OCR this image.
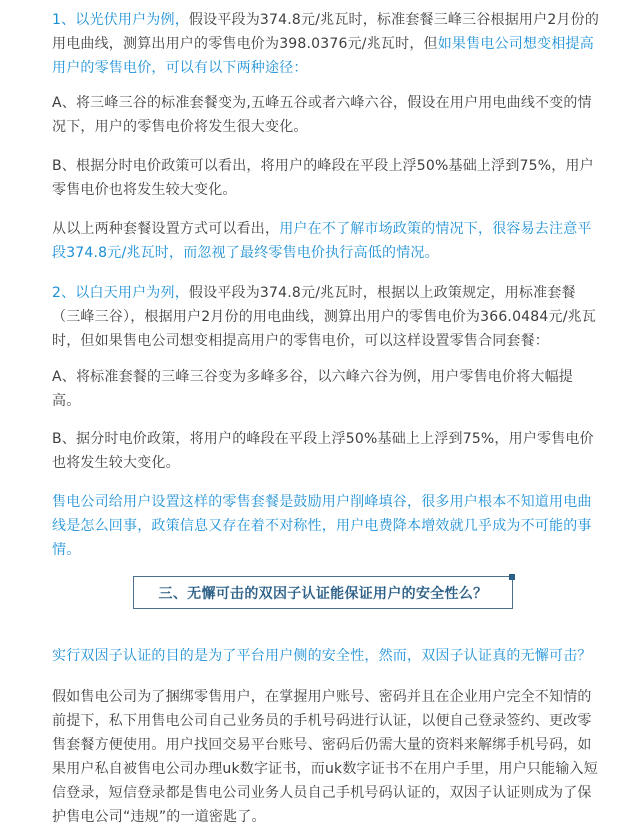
1、以光伏用户为例，假设平段为374.8元/兆瓦时，标准套餐三峰三谷根据用户2月份的用电曲线，测算出用户的零售电价为398.0376元/兆瓦时，但如果售电公司想变相提高用户的零售电价，可以有以下两种途径：

A、将三峰三谷的标准套餐变为,五峰五谷或者六峰六谷，假设在用户用电曲线不变的情况下，用户的零售电价将发生很大变化。

B、根据分时电价政策可以看出，将用户的峰段在平段上浮50%基础上浮到75%，用户零售电价也将发生较大变化。

从以上两种套餐设置方式可以看出，用户在不了解市场政策的情况下，很容易去注意平段374.8元/兆瓦时，而忽视了最终零售电价执行高低的情况。

2、以白天用户为列，假设平段为374.8元/兆瓦时，根据以上政策规定，用标准套餐（三峰三谷），根据用户2月份的用电曲线，测算出用户的零售电价为366.0484元/兆瓦时，但如果售电公司想变相提高用户的零售电价，可以这样设置零售合同套餐：

A、将标准套餐的三峰三谷变为多峰多谷，以六峰六谷为例，用户零售电价将大幅提高。

B、据分时电价政策，将用户的峰段在平段上浮50%基础上上浮到75%，用户零售电价也将发生较大变化。

售电公司给用户设置这样的零售套餐是鼓励用户削峰填谷，很多用户根本不知道用电曲线是怎么回事，政策信息又存在着不对称性，用户电费降本增效就几乎成为不可能的事情。

三、无懈可击的双因子认证能保证用户的安全性么？

实行双因子认证的目的是为了平台用户侧的安全性，然而，双因子认证真的无懈可击？

假如售电公司为了捆绑零售用户，在掌握用户账号、密码并且在企业用户完全不知情的前提下，私下用售电公司自己业务员的手机号码进行认证，以便自己登录签约、更改零售套餐方便使用。用户找回交易平台账号、密码后仍需大量的资料来解绑手机号码，如果用户私自被售电公司办理uk数字证书，而uk数字证书不在用户手里，用户只能输入短信登录，短信登录都是售电公司业务人员自己手机号码认证的，双因子认证则成为了保护售电公司“违规”的一道密匙了。
